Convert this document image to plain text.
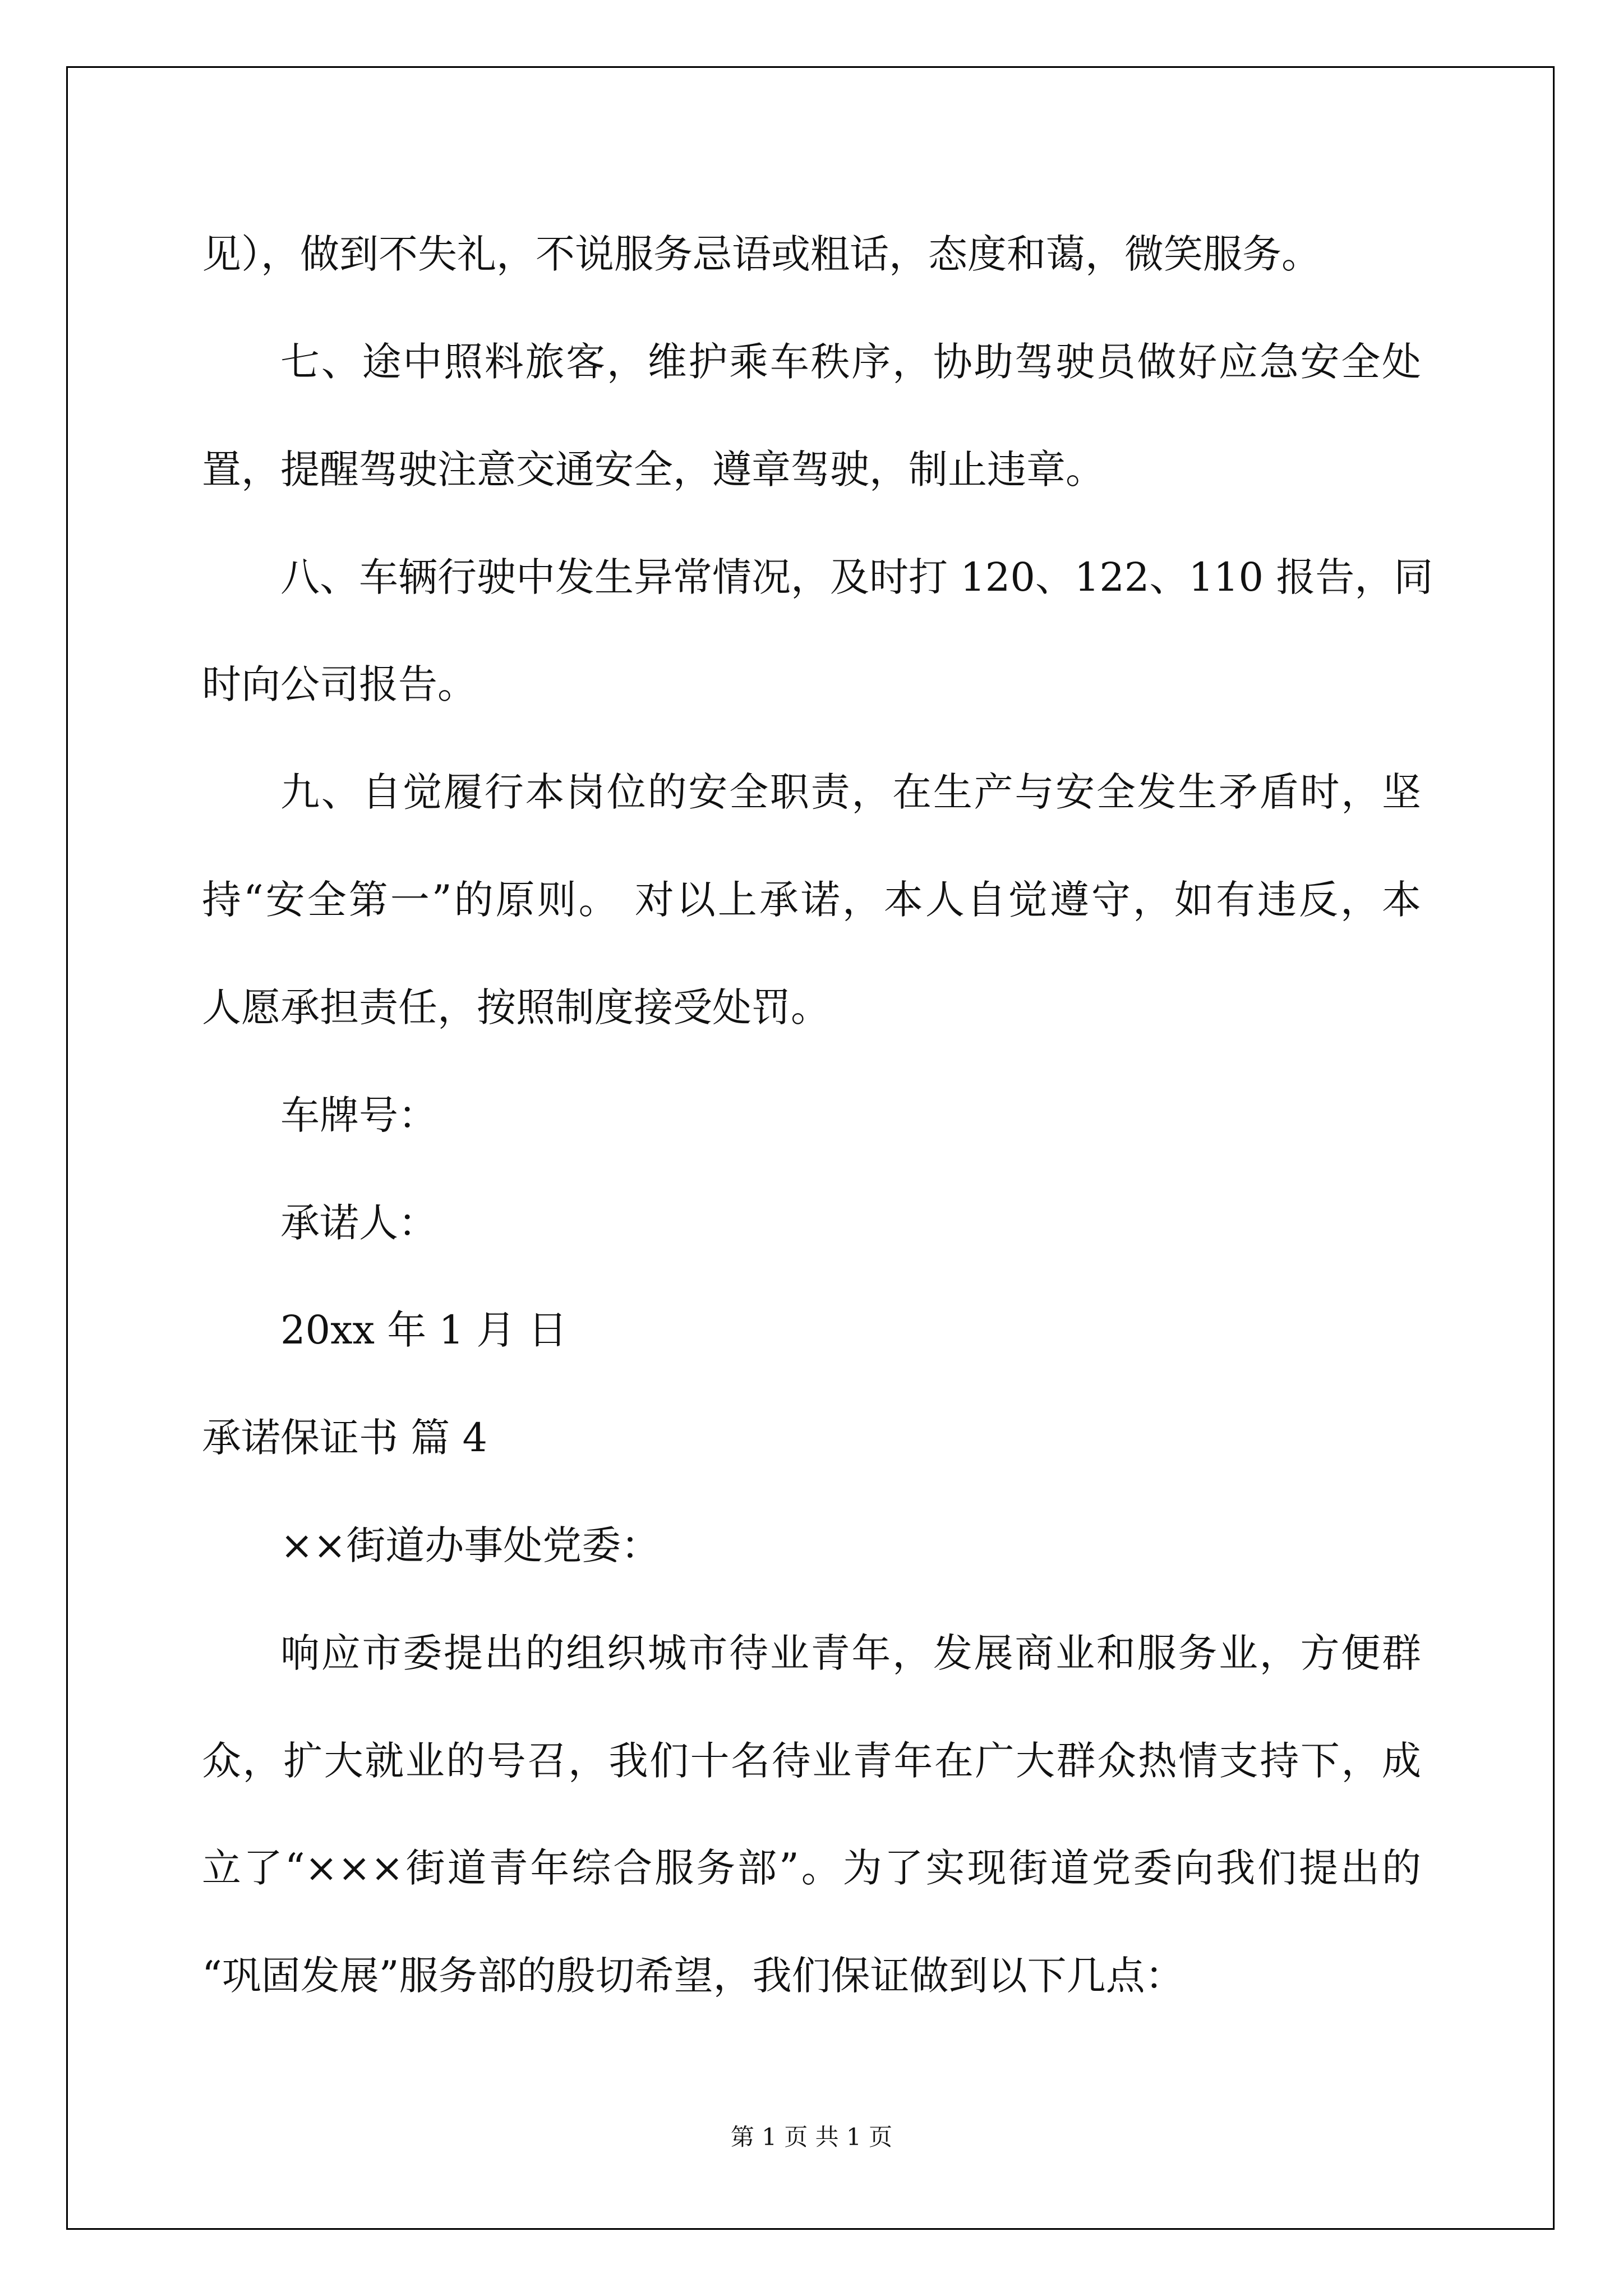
见），做到不失礼，不说服务忌语或粗话，态度和蔼，微笑服务。
七、途中照料旅客，维护乘车秩序，协助驾驶员做好应急安全处
置，提醒驾驶注意交通安全，遵章驾驶，制止违章。
八、车辆行驶中发生异常情况，及时打 120、122、110 报告，同
时向公司报告。
九、自觉履行本岗位的安全职责，在生产与安全发生矛盾时，坚
持“安全第一”的原则。 对以上承诺，本人自觉遵守，如有违反，本
人愿承担责任，按照制度接受处罚。
车牌号：
承诺人：
20xx 年 1 月 日
承诺保证书 篇 4
××街道办事处党委：
响应市委提出的组织城市待业青年，发展商业和服务业，方便群
众，扩大就业的号召，我们十名待业青年在广大群众热情支持下，成
立了“×××街道青年综合服务部”。为了实现街道党委向我们提出的
“巩固发展”服务部的殷切希望，我们保证做到以下几点：
第 1 页 共 1 页
